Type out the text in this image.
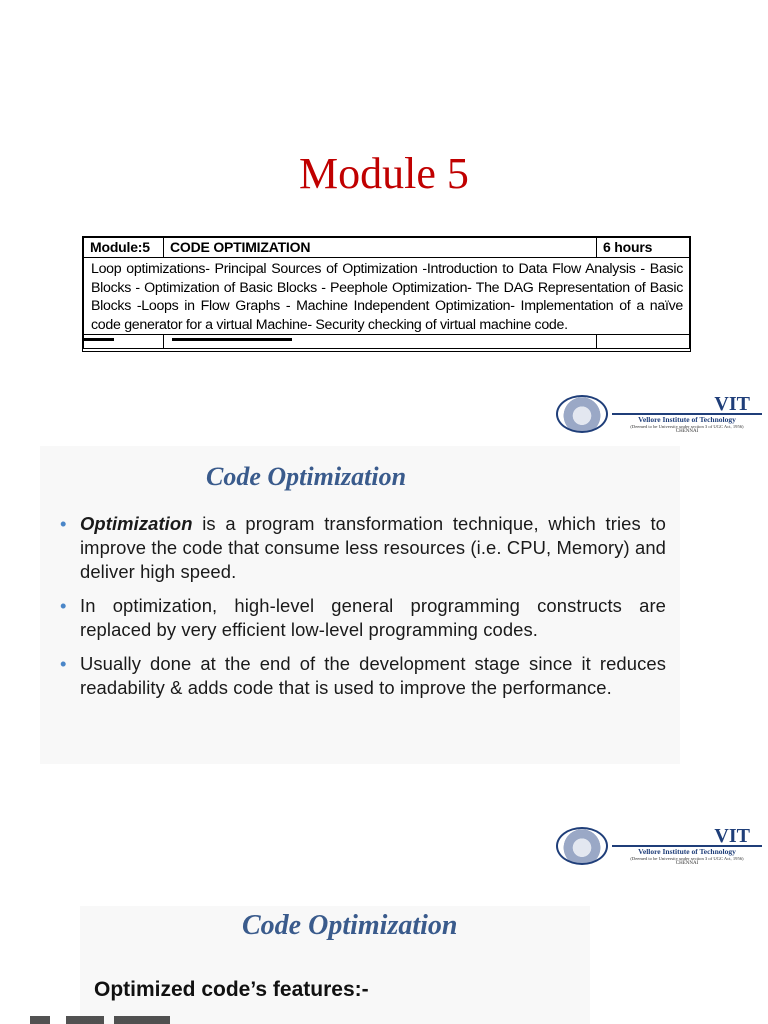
Module 5
Module:5	CODE OPTIMIZATION	6 hours
Loop optimizations- Principal Sources of Optimization -Introduction to Data Flow Analysis - Basic Blocks - Optimization of Basic Blocks - Peephole Optimization- The DAG Representation of Basic Blocks -Loops in Flow Graphs - Machine Independent Optimization- Implementation of a naïve code generator for a virtual Machine- Security checking of virtual machine code.		

VIT
Vellore Institute of Technology
(Deemed to be University under section 3 of UGC Act, 1956)
CHENNAI
Code Optimization
• Optimization is a program transformation technique, which tries to improve the code that consume less resources (i.e. CPU, Memory) and deliver high speed.
• In optimization, high-level general programming constructs are replaced by very efficient low-level programming codes.
• Usually done at the end of the development stage since it reduces readability & adds code that is used to improve the performance.
VIT
Vellore Institute of Technology
(Deemed to be University under section 3 of UGC Act, 1956)
CHENNAI
Code Optimization
Optimized code’s features:-
